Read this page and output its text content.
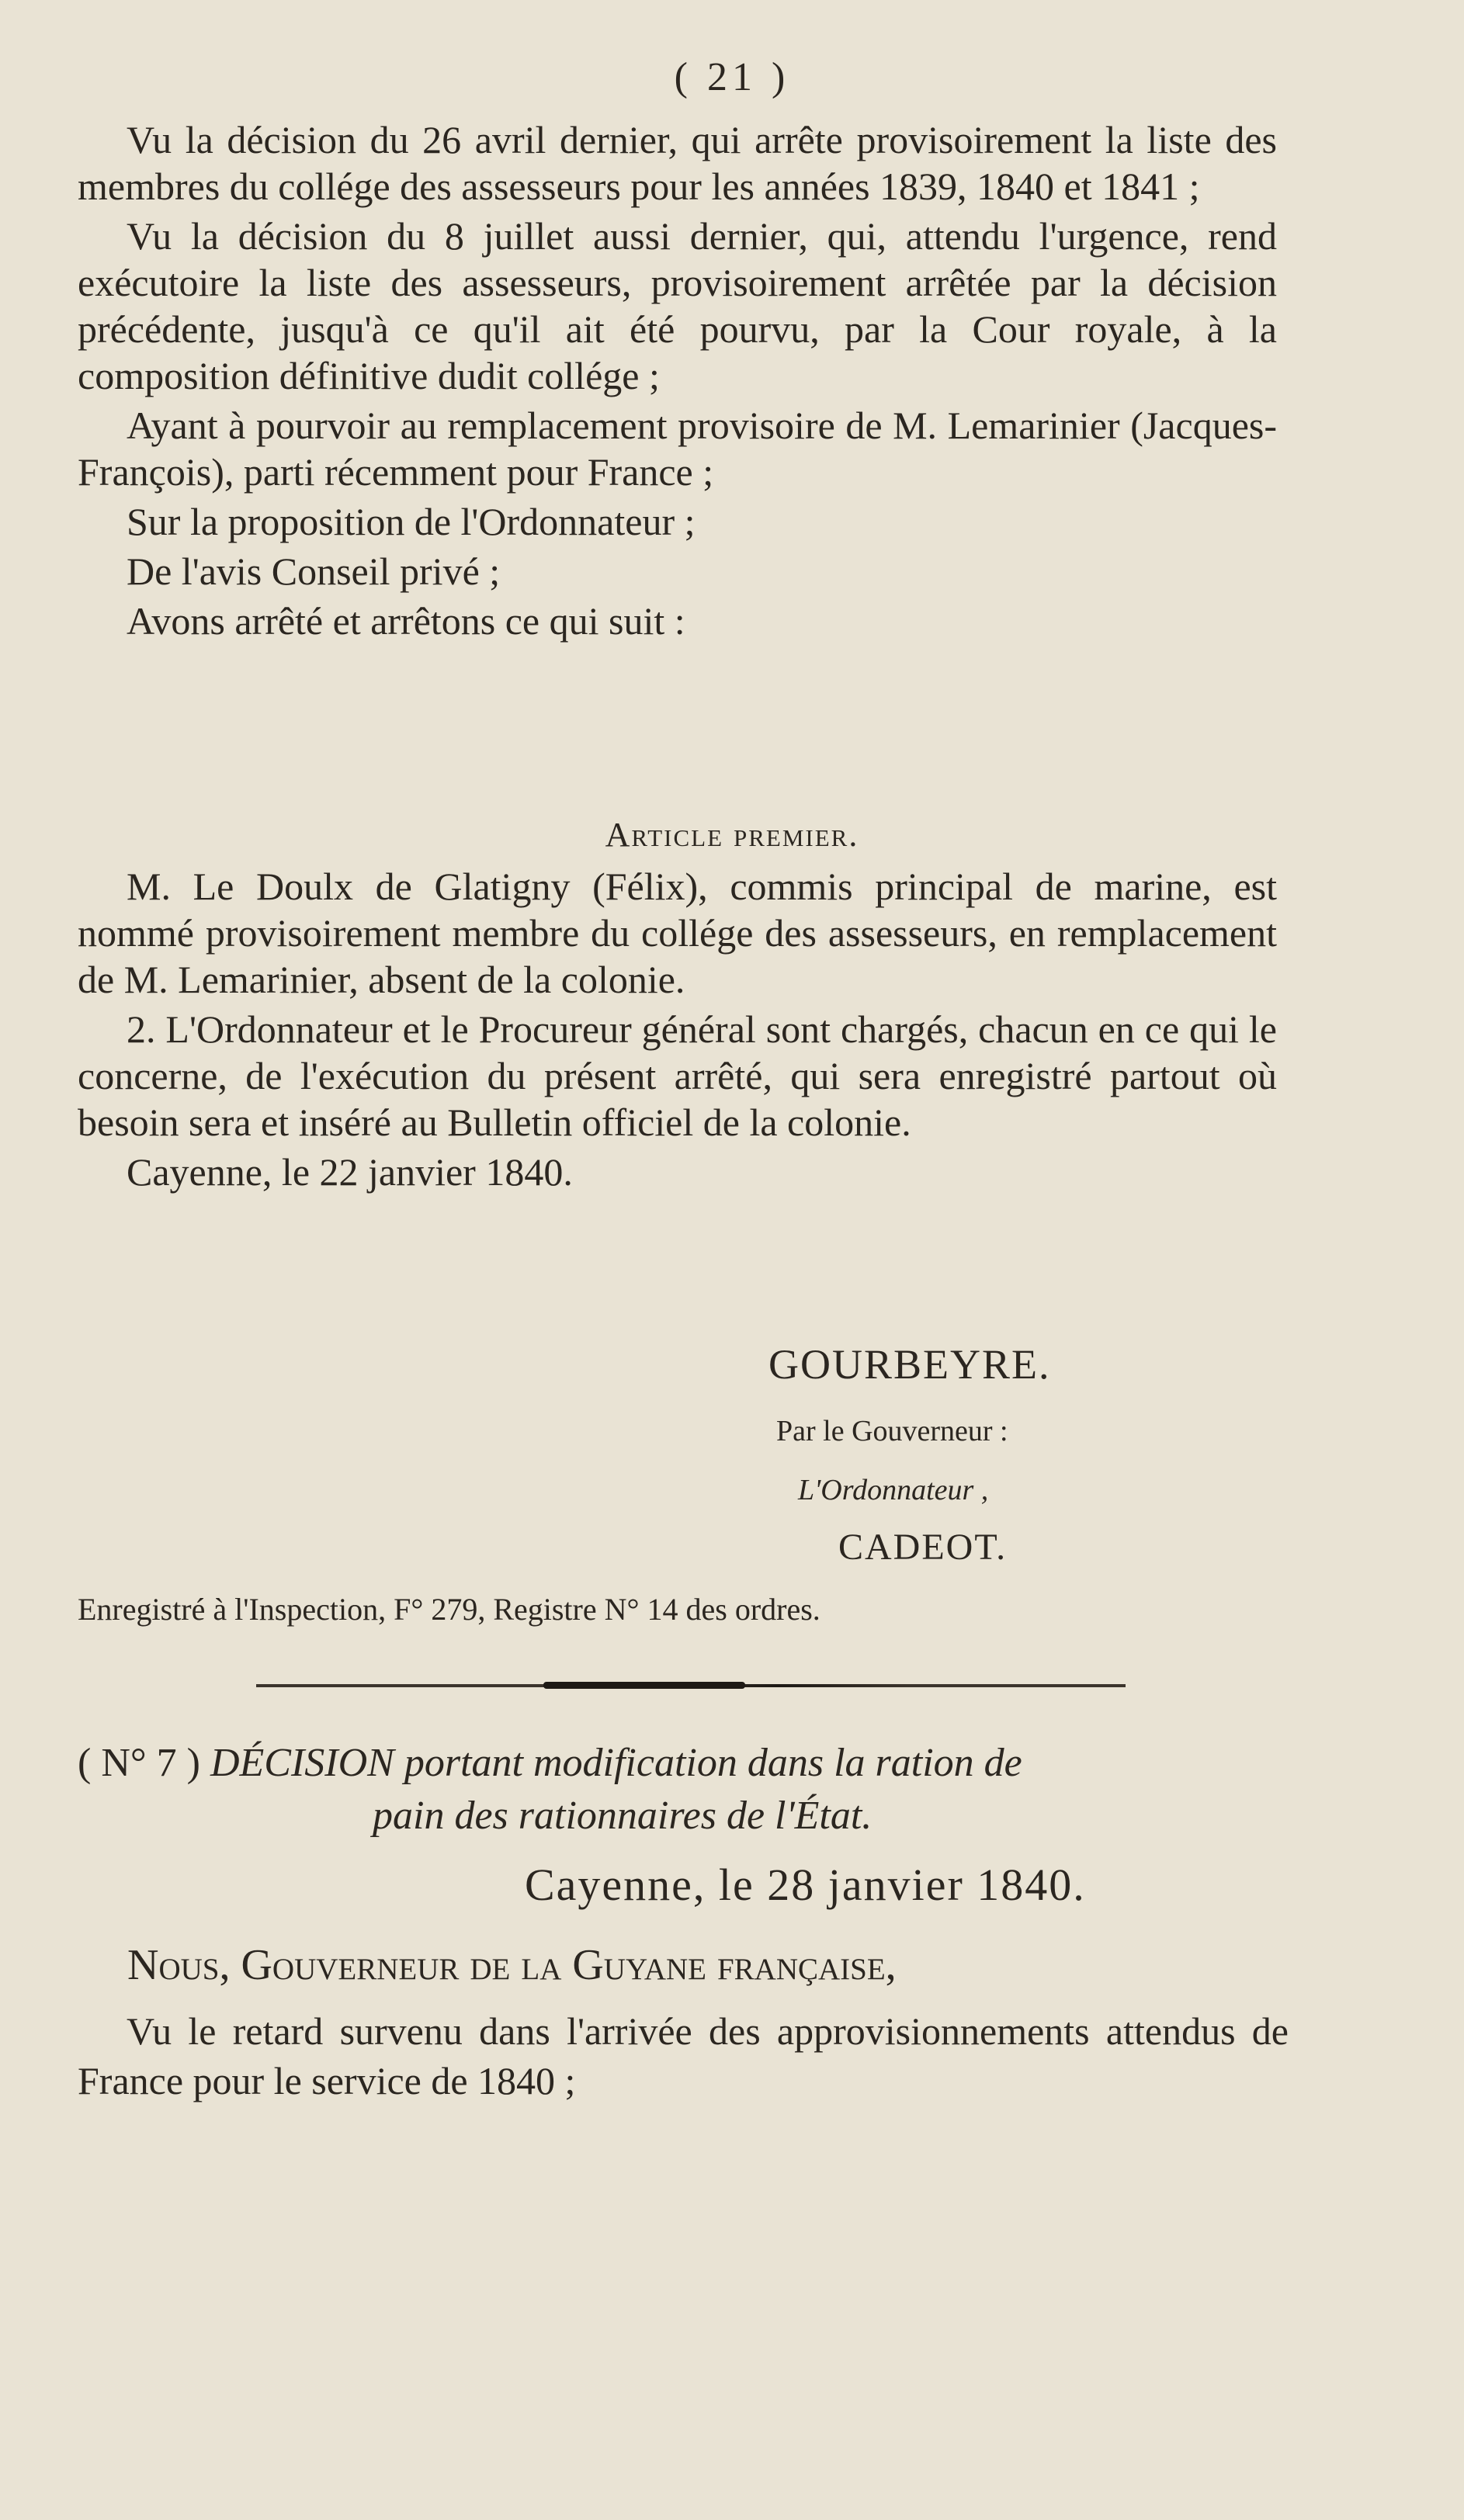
( 21 )

Vu la décision du 26 avril dernier, qui arrête provisoirement la liste des membres du collége des assesseurs pour les années 1839, 1840 et 1841 ;

Vu la décision du 8 juillet aussi dernier, qui, attendu l'urgence, rend exécutoire la liste des assesseurs, provisoirement arrêtée par la décision précédente, jusqu'à ce qu'il ait été pourvu, par la Cour royale, à la composition définitive dudit collége ;

Ayant à pourvoir au remplacement provisoire de M. Lemarinier (Jacques-François), parti récemment pour France ;

Sur la proposition de l'Ordonnateur ;

De l'avis Conseil privé ;

Avons arrêté et arrêtons ce qui suit :

Article premier.

M. Le Doulx de Glatigny (Félix), commis principal de marine, est nommé provisoirement membre du collége des assesseurs, en remplacement de M. Lemarinier, absent de la colonie.

2. L'Ordonnateur et le Procureur général sont chargés, chacun en ce qui le concerne, de l'exécution du présent arrêté, qui sera enregistré partout où besoin sera et inséré au Bulletin officiel de la colonie.

Cayenne, le 22 janvier 1840.

GOURBEYRE.
Par le Gouverneur :
L'Ordonnateur ,
CADEOT.
Enregistré à l'Inspection, F° 279, Registre N° 14 des ordres.
( N° 7 ) DÉCISION portant modification dans la ration de
pain des rationnaires de l'État.
Cayenne, le 28 janvier 1840.
Nous, Gouverneur de la Guyane française,

Vu le retard survenu dans l'arrivée des approvisionnements attendus de France pour le service de 1840 ;
